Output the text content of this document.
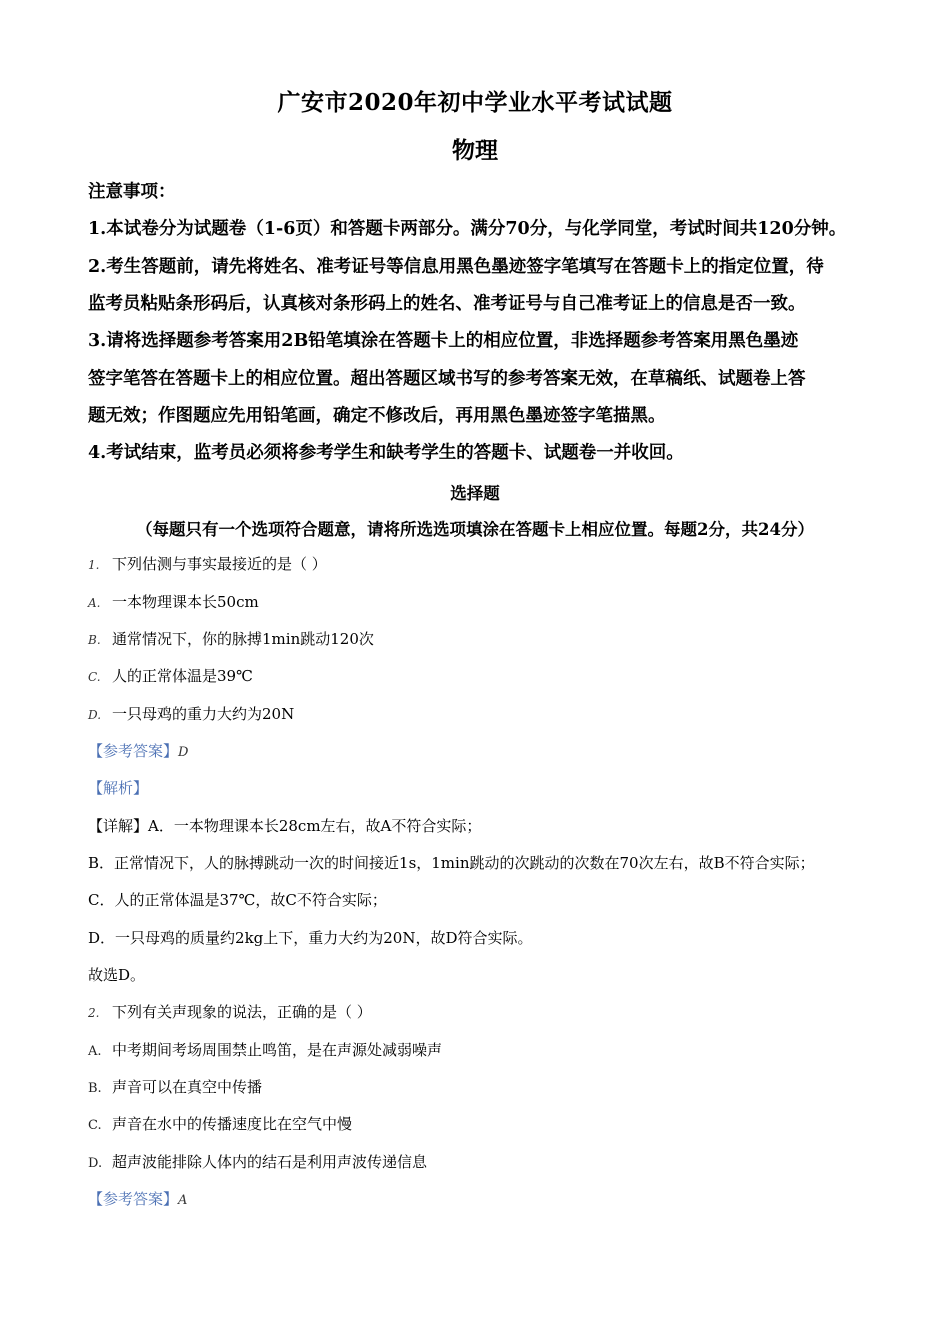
广安市2020年初中学业水平考试试题
物理
注意事项：
1.本试卷分为试题卷（1-6页）和答题卡两部分。满分70分，与化学同堂，考试时间共120分钟。
2.考生答题前，请先将姓名、准考证号等信息用黑色墨迹签字笔填写在答题卡上的指定位置，待
监考员粘贴条形码后，认真核对条形码上的姓名、准考证号与自己准考证上的信息是否一致。
3.请将选择题参考答案用2B铅笔填涂在答题卡上的相应位置，非选择题参考答案用黑色墨迹
签字笔答在答题卡上的相应位置。超出答题区域书写的参考答案无效，在草稿纸、试题卷上答
题无效；作图题应先用铅笔画，确定不修改后，再用黑色墨迹签字笔描黑。
4.考试结束，监考员必须将参考学生和缺考学生的答题卡、试题卷一并收回。
选择题
（每题只有一个选项符合题意，请将所选选项填涂在答题卡上相应位置。每题2分，共24分）
1. 下列估测与事实最接近的是（ ）
A. 一本物理课本长50cm
B. 通常情况下，你的脉搏1min跳动120次
C. 人的正常体温是39℃
D. 一只母鸡的重力大约为20N
【参考答案】D
【解析】
【详解】A．一本物理课本长28cm左右，故A不符合实际；
B．正常情况下，人的脉搏跳动一次的时间接近1s，1min跳动的次跳动的次数在70次左右，故B不符合实际；
C．人的正常体温是37℃，故C不符合实际；
D．一只母鸡的质量约2kg上下，重力大约为20N，故D符合实际。
故选D。
2. 下列有关声现象的说法，正确的是（ ）
A. 中考期间考场周围禁止鸣笛，是在声源处减弱噪声
B. 声音可以在真空中传播
C. 声音在水中的传播速度比在空气中慢
D. 超声波能排除人体内的结石是利用声波传递信息
【参考答案】A
